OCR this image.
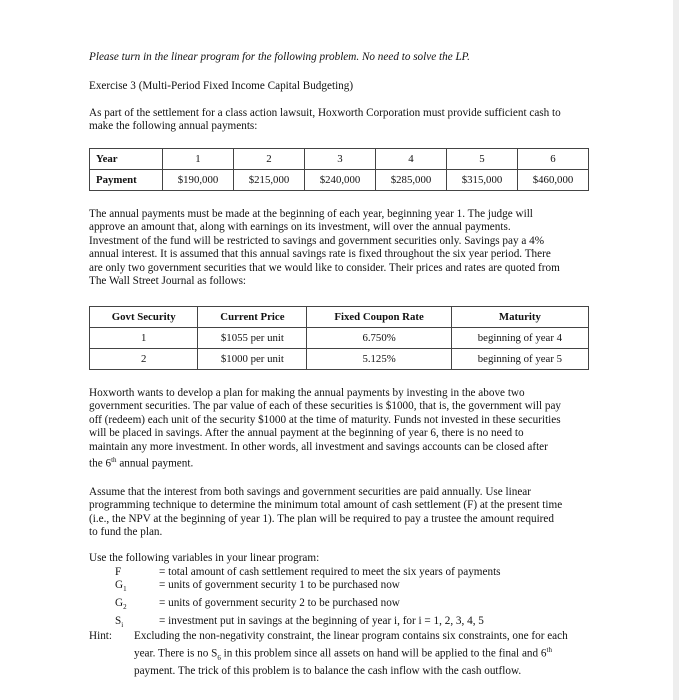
Please turn in the linear program for the following problem. No need to solve the LP.
Exercise 3 (Multi-Period Fixed Income Capital Budgeting)
As part of the settlement for a class action lawsuit, Hoxworth Corporation must provide sufficient cash to
make the following annual payments:
Year	1	2	3	4	5	6
Payment	$190,000	$215,000	$240,000	$285,000	$315,000	$460,000
The annual payments must be made at the beginning of each year, beginning year 1. The judge will
approve an amount that, along with earnings on its investment, will over the annual payments.
Investment of the fund will be restricted to savings and government securities only. Savings pay a 4%
annual interest. It is assumed that this annual savings rate is fixed throughout the six year period. There
are only two government securities that we would like to consider. Their prices and rates are quoted from
The Wall Street Journal as follows:
Govt Security	Current Price	Fixed Coupon Rate	Maturity
1	$1055 per unit	6.750%	beginning of year 4
2	$1000 per unit	5.125%	beginning of year 5
Hoxworth wants to develop a plan for making the annual payments by investing in the above two
government securities. The par value of each of these securities is $1000, that is, the government will pay
off (redeem) each unit of the security $1000 at the time of maturity. Funds not invested in these securities
will be placed in savings. After the annual payment at the beginning of year 6, there is no need to
maintain any more investment. In other words, all investment and savings accounts can be closed after
the 6th annual payment.
Assume that the interest from both savings and government securities are paid annually. Use linear
programming technique to determine the minimum total amount of cash settlement (F) at the present time
(i.e., the NPV at the beginning of year 1). The plan will be required to pay a trustee the amount required
to fund the plan.
Use the following variables in your linear program:
F	= total amount of cash settlement required to meet the six years of payments
$G_1$	= units of government security 1 to be purchased now
$G_2$	= units of government security 2 to be purchased now
$S_i$	= investment put in savings at the beginning of year i, for i = 1, 2, 3, 4, 5
Hint:	Excluding the non-negativity constraint, the linear program contains six constraints, one for each
year. There is no $S_6$ in this problem since all assets on hand will be applied to the final and 6th
payment. The trick of this problem is to balance the cash inflow with the cash outflow.
